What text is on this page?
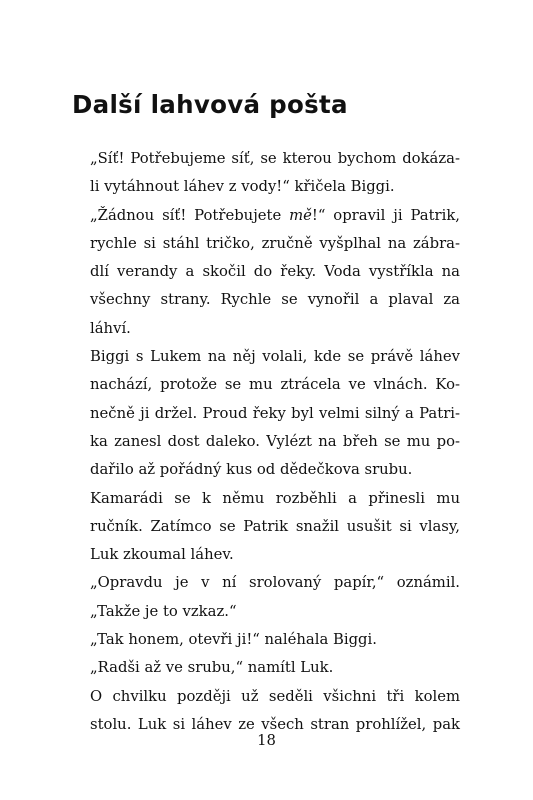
Další lahvová pošta
„Síť! Potřebujeme síť, se kterou bychom dokáza-
li vytáhnout láhev z vody!“ křičela Biggi.
„Žádnou síť! Potřebujete mě!“ opravil ji Patrik,
rychle si stáhl tričko, zručně vyšplhal na zábra-
dlí verandy a skočil do řeky. Voda vystříkla na
všechny strany. Rychle se vynořil a plaval za
láhví.
Biggi s Lukem na něj volali, kde se právě láhev
nachází, protože se mu ztrácela ve vlnách. Ko-
nečně ji držel. Proud řeky byl velmi silný a Patri-
ka zanesl dost daleko. Vylézt na břeh se mu po-
dařilo až pořádný kus od dědečkova srubu.
Kamarádi se k němu rozběhli a přinesli mu
ručník. Zatímco se Patrik snažil usušit si vlasy,
Luk zkoumal láhev.
„Opravdu je v ní srolovaný papír,“ oznámil.
„Takže je to vzkaz.“
„Tak honem, otevři ji!“ naléhala Biggi.
„Radši až ve srubu,“ namítl Luk.
O chvilku později už seděli všichni tři kolem
stolu. Luk si láhev ze všech stran prohlížel, pak
18
